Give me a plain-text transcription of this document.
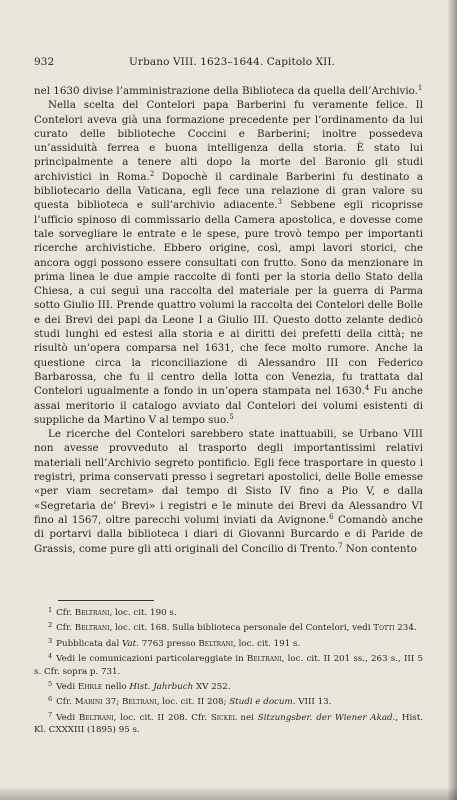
932	Urbano VIII. 1623–1644. Capitolo XII.

nel 1630 divise l’amministrazione della Biblioteca da quella dell’Archivio.$^1$

Nella scelta del Contelori papa Barberini fu veramente felice. Il Contelori aveva già una formazione precedente per l’ordinamento da lui curato delle biblioteche Coccini e Barberini; inoltre possedeva un’assiduità ferrea e buona intelligenza della storia. È stato lui principalmente a tenere alti dopo la morte del Baronio gli studi archivistici in Roma.$^2$ Dopochè il cardinale Barberini fu destinato a bibliotecario della Vaticana, egli fece una relazione di gran valore su questa biblioteca e sull’archivio adiacente.$^3$ Sebbene egli ricoprisse l’ufficio spinoso di commissario della Camera apostolica, e dovesse come tale sorvegliare le entrate e le spese, pure trovò tempo per importanti ricerche archivistiche. Ebbero origine, così, ampi lavori storici, che ancora oggi possono essere consultati con frutto. Sono da menzionare in prima linea le due ampie raccolte di fonti per la storia dello Stato della Chiesa, a cui seguì una raccolta del materiale per la guerra di Parma sotto Giulio III. Prende quattro volumi la raccolta dei Contelori delle Bolle e dei Brevi dei papi da Leone I a Giulio III. Questo dotto zelante dedicò studi lunghi ed estesi alla storia e ai diritti dei prefetti della città; ne risultò un’opera comparsa nel 1631, che fece molto rumore. Anche la questione circa la riconciliazione di Alessandro III con Federico Barbarossa, che fu il centro della lotta con Venezia, fu trattata dal Contelori ugualmente a fondo in un’opera stampata nel 1630.$^4$ Fu anche assai meritorio il catalogo avviato dal Contelori dei volumi esistenti di suppliche da Martino V al tempo suo.$^5$

Le ricerche del Contelori sarebbero state inattuabili, se Urbano VIII non avesse provveduto al trasporto degli importantissimi relativi materiali nell’Archivio segreto pontificio. Egli fece trasportare in questo i registri, prima conservati presso i segretari apostolici, delle Bolle emesse «per viam secretam» dal tempo di Sisto IV fino a Pio V, e dalla «Segretaria de’ Brevi» i registri e le minute dei Brevi da Alessandro VI fino al 1567, oltre parecchi volumi inviati da Avignone.$^6$ Comandò anche di portarvi dalla biblioteca i diari di Giovanni Burcardo e di Paride de Grassis, come pure gli atti originali del Concilio di Trento.$^7$ Non contento

$^1$ Cfr. Beltrani, loc. cit. 190 s.

$^2$ Cfr. Beltrani, loc. cit. 168. Sulla biblioteca personale del Contelori, vedi Totti 234.

$^3$ Pubblicata dal Vat. 7763 presso Beltrani, loc. cit. 191 s.

$^4$ Vedi le comunicazioni particolareggiate in Beltrani, loc. cit. II 201 ss., 263 s., III 5 s. Cfr. sopra p. 731.

$^5$ Vedi Ehrle nello Hist. Jahrbuch XV 252.

$^6$ Cfr. Marini 37; Beltrani, loc. cit. II 208; Studi e docum. VIII 13.

$^7$ Vedi Beltrani, loc. cit. II 208. Cfr. Sickel nei Sitzungsber. der Wiener Akad., Hist. Kl. CXXXIII (1895) 95 s.
